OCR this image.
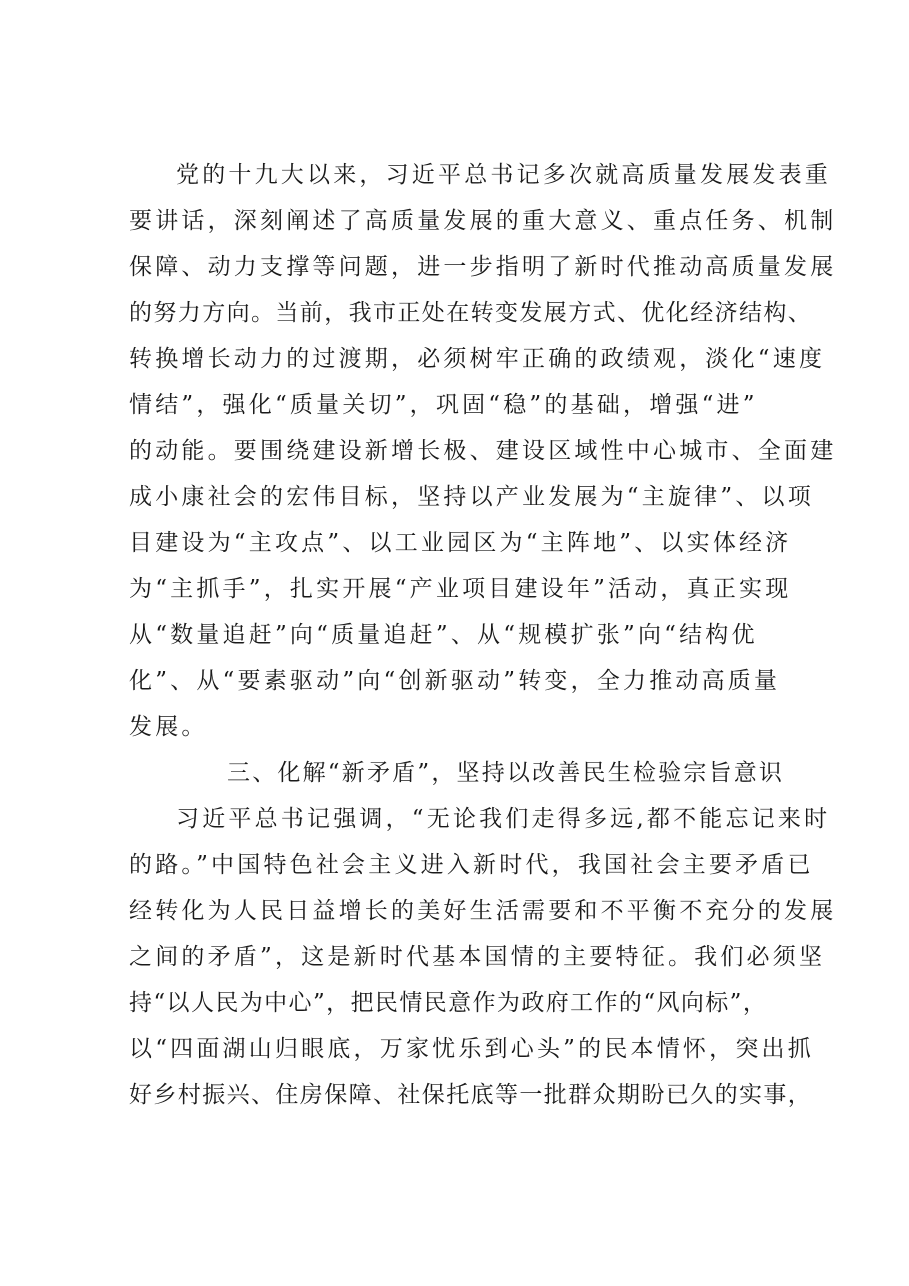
党的十九大以来，习近平总书记多次就高质量发展发表重
要讲话，深刻阐述了高质量发展的重大意义、重点任务、机制
保障、动力支撑等问题，进一步指明了新时代推动高质量发展
的努力方向。当前，我市正处在转变发展方式、优化经济结构、
转换增长动力的过渡期，必须树牢正确的政绩观，淡化“速度
情结”，强化“质量关切”，巩固“稳”的基础，增强“进”
的动能。要围绕建设新增长极、建设区域性中心城市、全面建
成小康社会的宏伟目标，坚持以产业发展为“主旋律”、以项
目建设为“主攻点”、以工业园区为“主阵地”、以实体经济
为“主抓手”，扎实开展“产业项目建设年”活动，真正实现
从“数量追赶”向“质量追赶”、从“规模扩张”向“结构优
化”、从“要素驱动”向“创新驱动”转变，全力推动高质量
发展。
三、化解“新矛盾”，坚持以改善民生检验宗旨意识
习近平总书记强调，“无论我们走得多远,都不能忘记来时
的路。”中国特色社会主义进入新时代，我国社会主要矛盾已
经转化为人民日益增长的美好生活需要和不平衡不充分的发展
之间的矛盾”，这是新时代基本国情的主要特征。我们必须坚
持“以人民为中心”，把民情民意作为政府工作的“风向标”，
以“四面湖山归眼底，万家忧乐到心头”的民本情怀，突出抓
好乡村振兴、住房保障、社保托底等一批群众期盼已久的实事，
